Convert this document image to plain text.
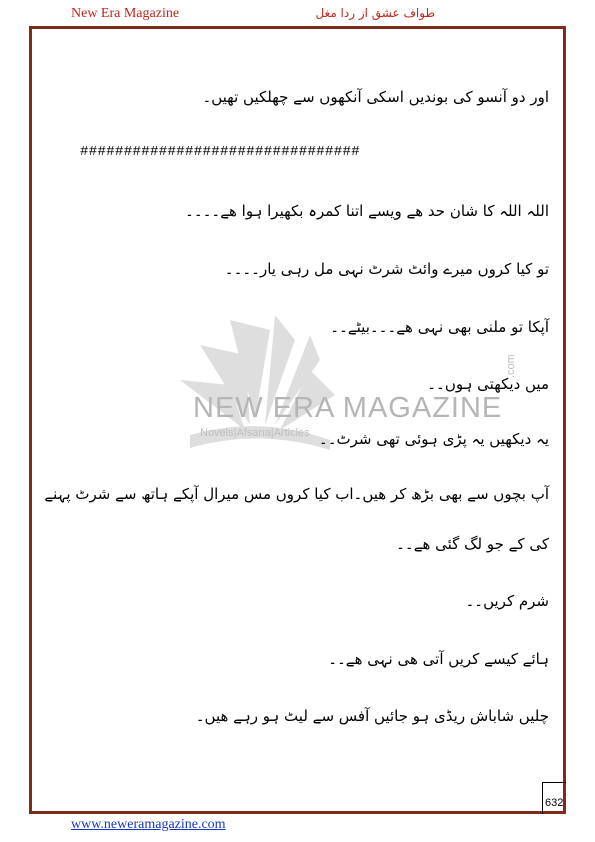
New Era Magazine	طواف عشق از ردا مغل
NEW ERA MAGAZINE
Novels|Afsana|Articles
.com
اور دو آنسو کی بوندیں اسکی آنکھوں سے چھلکیں تھیں۔
################################
اللہ اللہ کا شان حد ھے ویسے اتنا کمرہ بکھیرا ہوا ھے۔۔۔۔
تو کیا کروں میرے وائٹ شرٹ نہی مل رہی یار۔۔۔۔
آپکا تو ملنی بھی نہی ھے۔۔۔بیٹے۔۔
میں دیکھتی ہوں۔۔
یہ دیکھیں یہ پڑی ہوئی تھی شرٹ۔۔
آپ بچوں سے بھی بڑھ کر ھیں۔اب کیا کروں مس میرال آپکے ہاتھ سے شرٹ پہنے
کی کے جو لگ گئی ھے۔۔
شرم کریں۔۔
ہائے کیسے کریں آتی ھی نہی ھے۔۔
چلیں شاباش ریڈی ہو جائیں آفس سے لیٹ ہو رہے ھیں۔
632
www.neweramagazine.com
